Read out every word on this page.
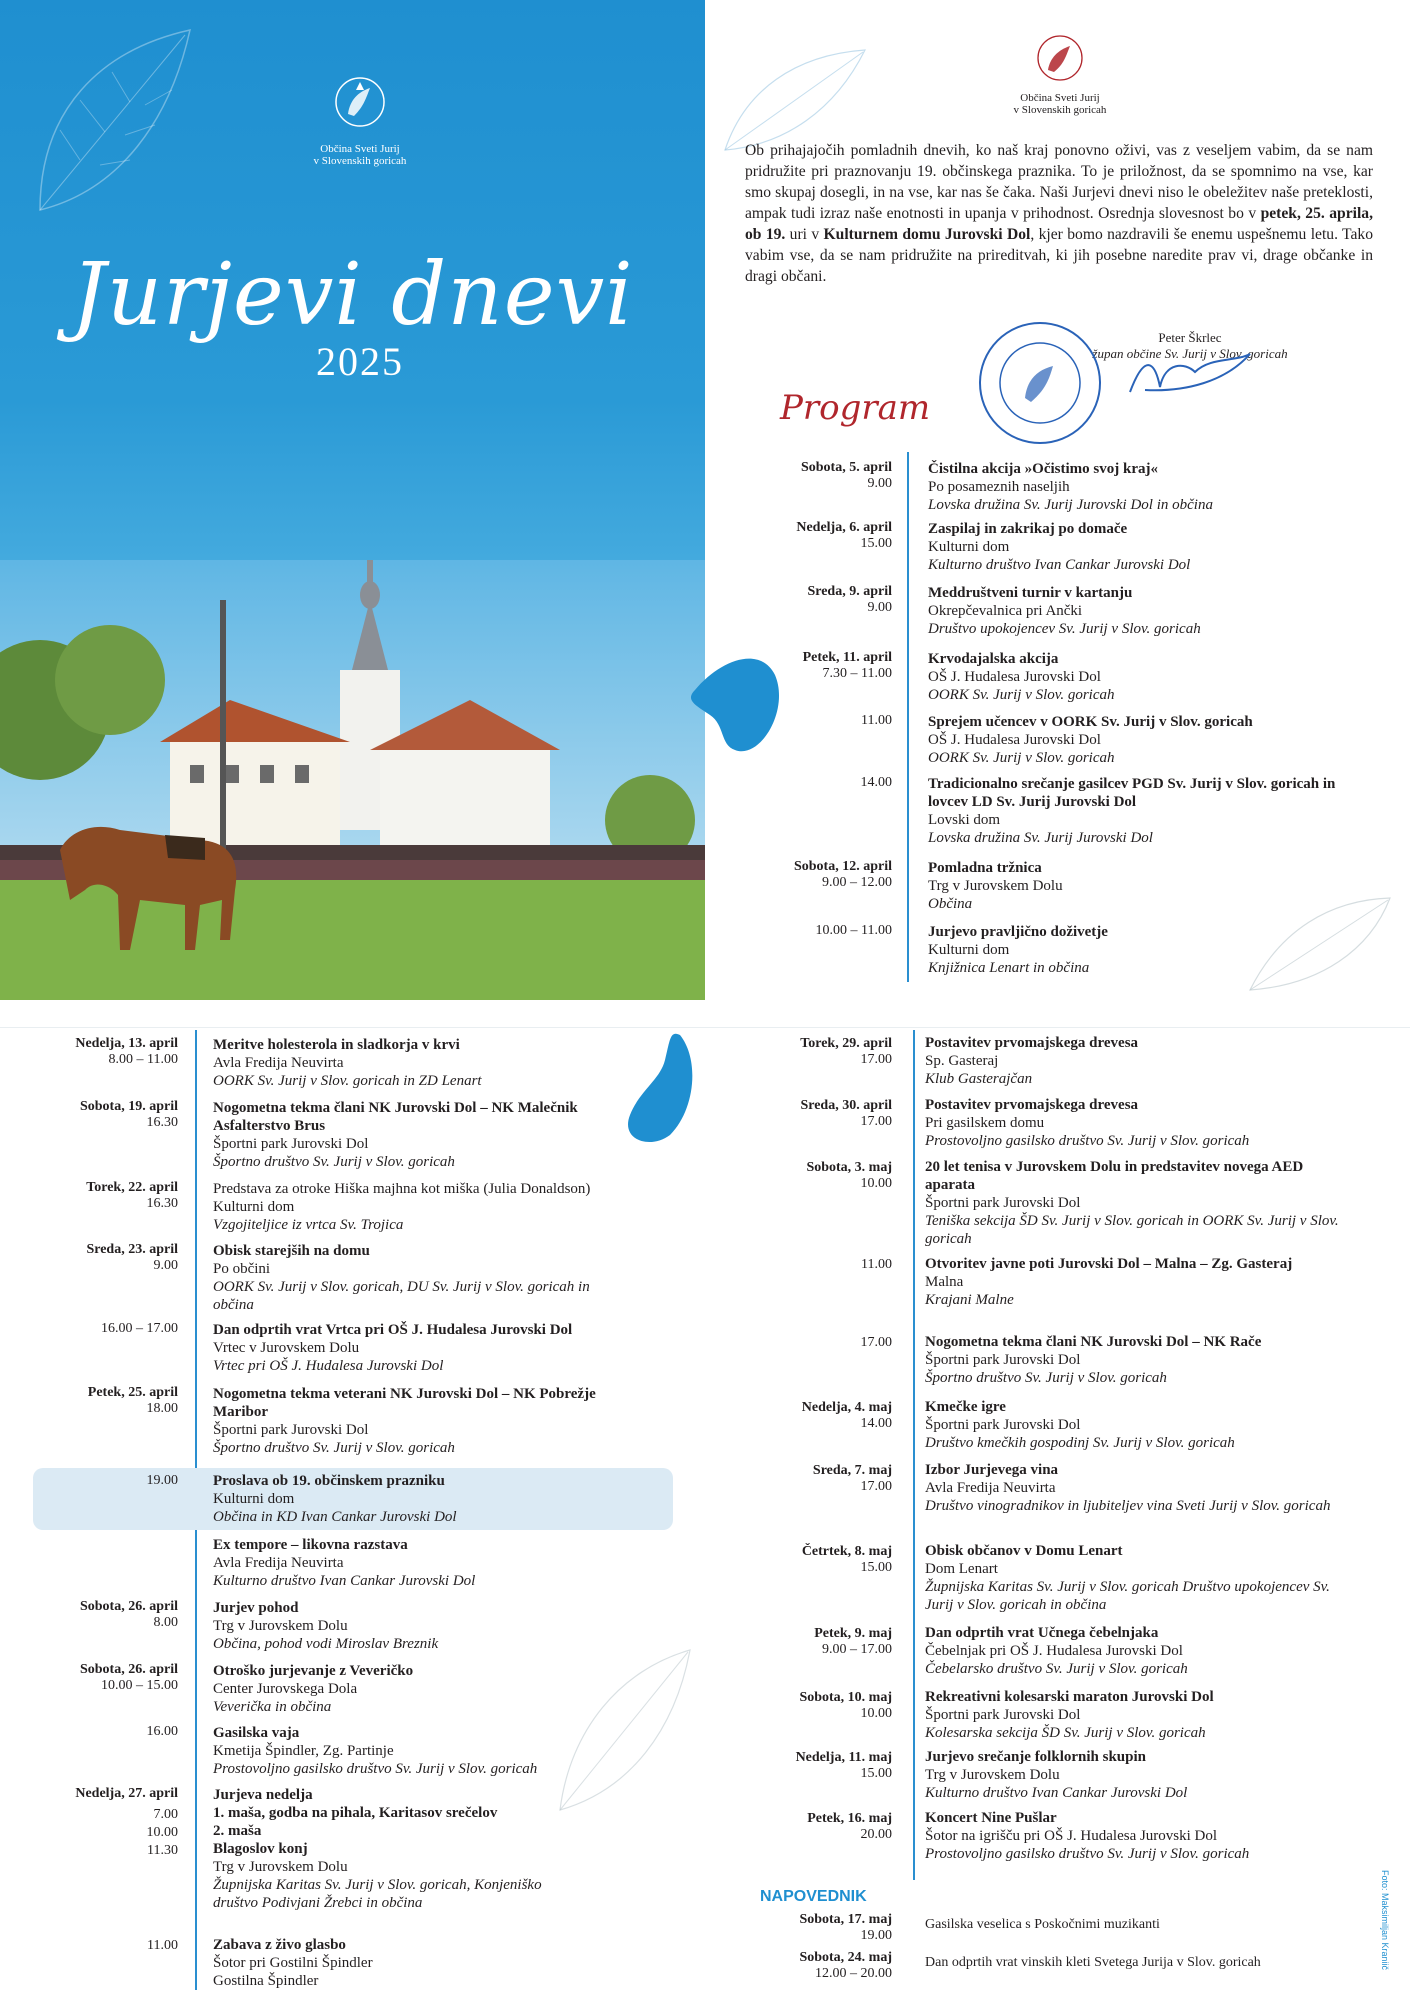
Občina Sveti Jurij
v Slovenskih goricah
Jurjevi dnevi
2025
Občina Sveti Jurij
v Slovenskih goricah
Ob prihajajočih pomladnih dnevih, ko naš kraj ponovno oživi, vas z veseljem vabim, da se nam pridružite pri praznovanju 19. občinskega praznika. To je priložnost, da se spomnimo na vse, kar smo skupaj dosegli, in na vse, kar nas še čaka. Naši Jurjevi dnevi niso le obeležitev naše preteklosti, ampak tudi izraz naše enotnosti in upanja v prihodnost. Osrednja slovesnost bo v petek, 25. aprila, ob 19. uri v Kulturnem domu Jurovski Dol, kjer bomo nazdravili še enemu uspešnemu letu. Tako vabim vse, da se nam pridružite na prireditvah, ki jih posebne naredite prav vi, drage občanke in dragi občani.
Peter Škrlec
župan občine Sv. Jurij v Slov. goricah
Program
Sobota, 5. april
9.00
Čistilna akcija »Očistimo svoj kraj«
Po posameznih naseljih
Lovska družina Sv. Jurij Jurovski Dol in občina
Nedelja, 6. april
15.00
Zaspilaj in zakrikaj po domače
Kulturni dom
Kulturno društvo Ivan Cankar Jurovski Dol
Sreda, 9. april
9.00
Meddruštveni turnir v kartanju
Okrepčevalnica pri Ančki
Društvo upokojencev Sv. Jurij v Slov. goricah
Petek, 11. april
7.30 – 11.00
Krvodajalska akcija
OŠ J. Hudalesa Jurovski Dol
OORK Sv. Jurij v Slov. goricah
11.00 Sprejem učencev v OORK Sv. Jurij v Slov. goricah
OŠ J. Hudalesa Jurovski Dol
OORK Sv. Jurij v Slov. goricah
14.00 Tradicionalno srečanje gasilcev PGD Sv. Jurij v Slov. goricah in lovcev LD Sv. Jurij Jurovski Dol
Lovski dom
Lovska družina Sv. Jurij Jurovski Dol
Sobota, 12. april
9.00 – 12.00
Pomladna tržnica
Trg v Jurovskem Dolu
Občina
10.00 – 11.00 Jurjevo pravljično doživetje
Kulturni dom
Knjižnica Lenart in občina
Nedelja, 13. april
8.00 – 11.00
Meritve holesterola in sladkorja v krvi
Avla Fredija Neuvirta
OORK Sv. Jurij v Slov. goricah in ZD Lenart
Sobota, 19. april
16.30
Nogometna tekma člani NK Jurovski Dol – NK Malečnik Asfalterstvo Brus
Športni park Jurovski Dol
Športno društvo Sv. Jurij v Slov. goricah
Torek, 22. april
16.30
Predstava za otroke Hiška majhna kot miška (Julia Donaldson)
Kulturni dom
Vzgojiteljice iz vrtca Sv. Trojica
Sreda, 23. april
9.00
Obisk starejših na domu
Po občini
OORK Sv. Jurij v Slov. goricah, DU Sv. Jurij v Slov. goricah in občina
16.00 – 17.00 Dan odprtih vrat Vrtca pri OŠ J. Hudalesa Jurovski Dol
Vrtec v Jurovskem Dolu
Vrtec pri OŠ J. Hudalesa Jurovski Dol
Petek, 25. april
18.00
Nogometna tekma veterani NK Jurovski Dol – NK Pobrežje Maribor
Športni park Jurovski Dol
Športno društvo Sv. Jurij v Slov. goricah
19.00 Proslava ob 19. občinskem prazniku
Kulturni dom
Občina in KD Ivan Cankar Jurovski Dol
Ex tempore – likovna razstava
Avla Fredija Neuvirta
Kulturno društvo Ivan Cankar Jurovski Dol
Sobota, 26. april
8.00
Jurjev pohod
Trg v Jurovskem Dolu
Občina, pohod vodi Miroslav Breznik
Sobota, 26. april
10.00 – 15.00
Otroško jurjevanje z Veveričko
Center Jurovskega Dola
Veverička in občina
16.00 Gasilska vaja
Kmetija Špindler, Zg. Partinje
Prostovoljno gasilsko društvo Sv. Jurij v Slov. goricah
Nedelja, 27. april
7.00
10.00
11.30
Jurjeva nedelja
1. maša, godba na pihala, Karitasov srečelov
2. maša
Blagoslov konj
Trg v Jurovskem Dolu
Župnijska Karitas Sv. Jurij v Slov. goricah, Konjeniško društvo Podivjani Žrebci in občina
11.00 Zabava z živo glasbo
Šotor pri Gostilni Špindler
Gostilna Špindler
Torek, 29. april
17.00
Postavitev prvomajskega drevesa
Sp. Gasteraj
Klub Gasterajčan
Sreda, 30. april
17.00
Postavitev prvomajskega drevesa
Pri gasilskem domu
Prostovoljno gasilsko društvo Sv. Jurij v Slov. goricah
Sobota, 3. maj
10.00
20 let tenisa v Jurovskem Dolu in predstavitev novega AED aparata
Športni park Jurovski Dol
Teniška sekcija ŠD Sv. Jurij v Slov. goricah in OORK Sv. Jurij v Slov. goricah
11.00 Otvoritev javne poti Jurovski Dol – Malna – Zg. Gasteraj
Malna
Krajani Malne
17.00 Nogometna tekma člani NK Jurovski Dol – NK Rače
Športni park Jurovski Dol
Športno društvo Sv. Jurij v Slov. goricah
Nedelja, 4. maj
14.00
Kmečke igre
Športni park Jurovski Dol
Društvo kmečkih gospodinj Sv. Jurij v Slov. goricah
Sreda, 7. maj
17.00
Izbor Jurjevega vina
Avla Fredija Neuvirta
Društvo vinogradnikov in ljubiteljev vina Sveti Jurij v Slov. goricah
Četrtek, 8. maj
15.00
Obisk občanov v Domu Lenart
Dom Lenart
Župnijska Karitas Sv. Jurij v Slov. goricah Društvo upokojencev Sv. Jurij v Slov. goricah in občina
Petek, 9. maj
9.00 – 17.00
Dan odprtih vrat Učnega čebelnjaka
Čebelnjak pri OŠ J. Hudalesa Jurovski Dol
Čebelarsko društvo Sv. Jurij v Slov. goricah
Sobota, 10. maj
10.00
Rekreativni kolesarski maraton Jurovski Dol
Športni park Jurovski Dol
Kolesarska sekcija ŠD Sv. Jurij v Slov. goricah
Nedelja, 11. maj
15.00
Jurjevo srečanje folklornih skupin
Trg v Jurovskem Dolu
Kulturno društvo Ivan Cankar Jurovski Dol
Petek, 16. maj
20.00
Koncert Nine Pušlar
Šotor na igrišču pri OŠ J. Hudalesa Jurovski Dol
Prostovoljno gasilsko društvo Sv. Jurij v Slov. goricah
NAPOVEDNIK
Sobota, 17. maj
19.00
Gasilska veselica s Poskočnimi muzikanti
Sobota, 24. maj
12.00 – 20.00
Dan odprtih vrat vinskih kleti Svetega Jurija v Slov. goricah	Foto: Maksimiljan Kraniič
